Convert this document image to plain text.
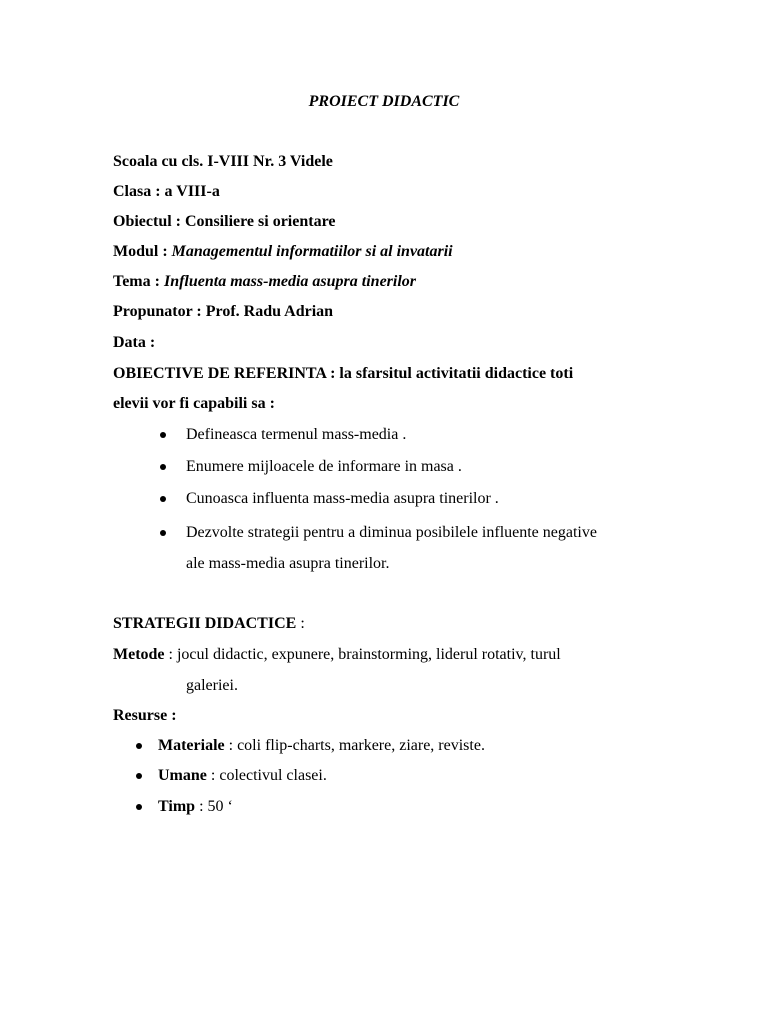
PROIECT DIDACTIC
Scoala cu cls. I-VIII Nr. 3 Videle
Clasa : a VIII-a
Obiectul : Consiliere si orientare
Modul : Managementul informatiilor si al invatarii
Tema : Influenta mass-media asupra tinerilor
Propunator : Prof. Radu Adrian
Data :
OBIECTIVE DE REFERINTA : la sfarsitul activitatii didactice toti
elevii vor fi capabili sa :
Defineasca termenul mass-media .
Enumere mijloacele de informare in masa .
Cunoasca influenta mass-media asupra tinerilor .
Dezvolte strategii pentru a diminua posibilele influente negative
ale mass-media asupra tinerilor.
STRATEGII DIDACTICE :
Metode : jocul didactic, expunere, brainstorming, liderul rotativ, turul
galeriei.
Resurse :
Materiale : coli flip-charts, markere, ziare, reviste.
Umane : colectivul clasei.
Timp : 50 ‘
